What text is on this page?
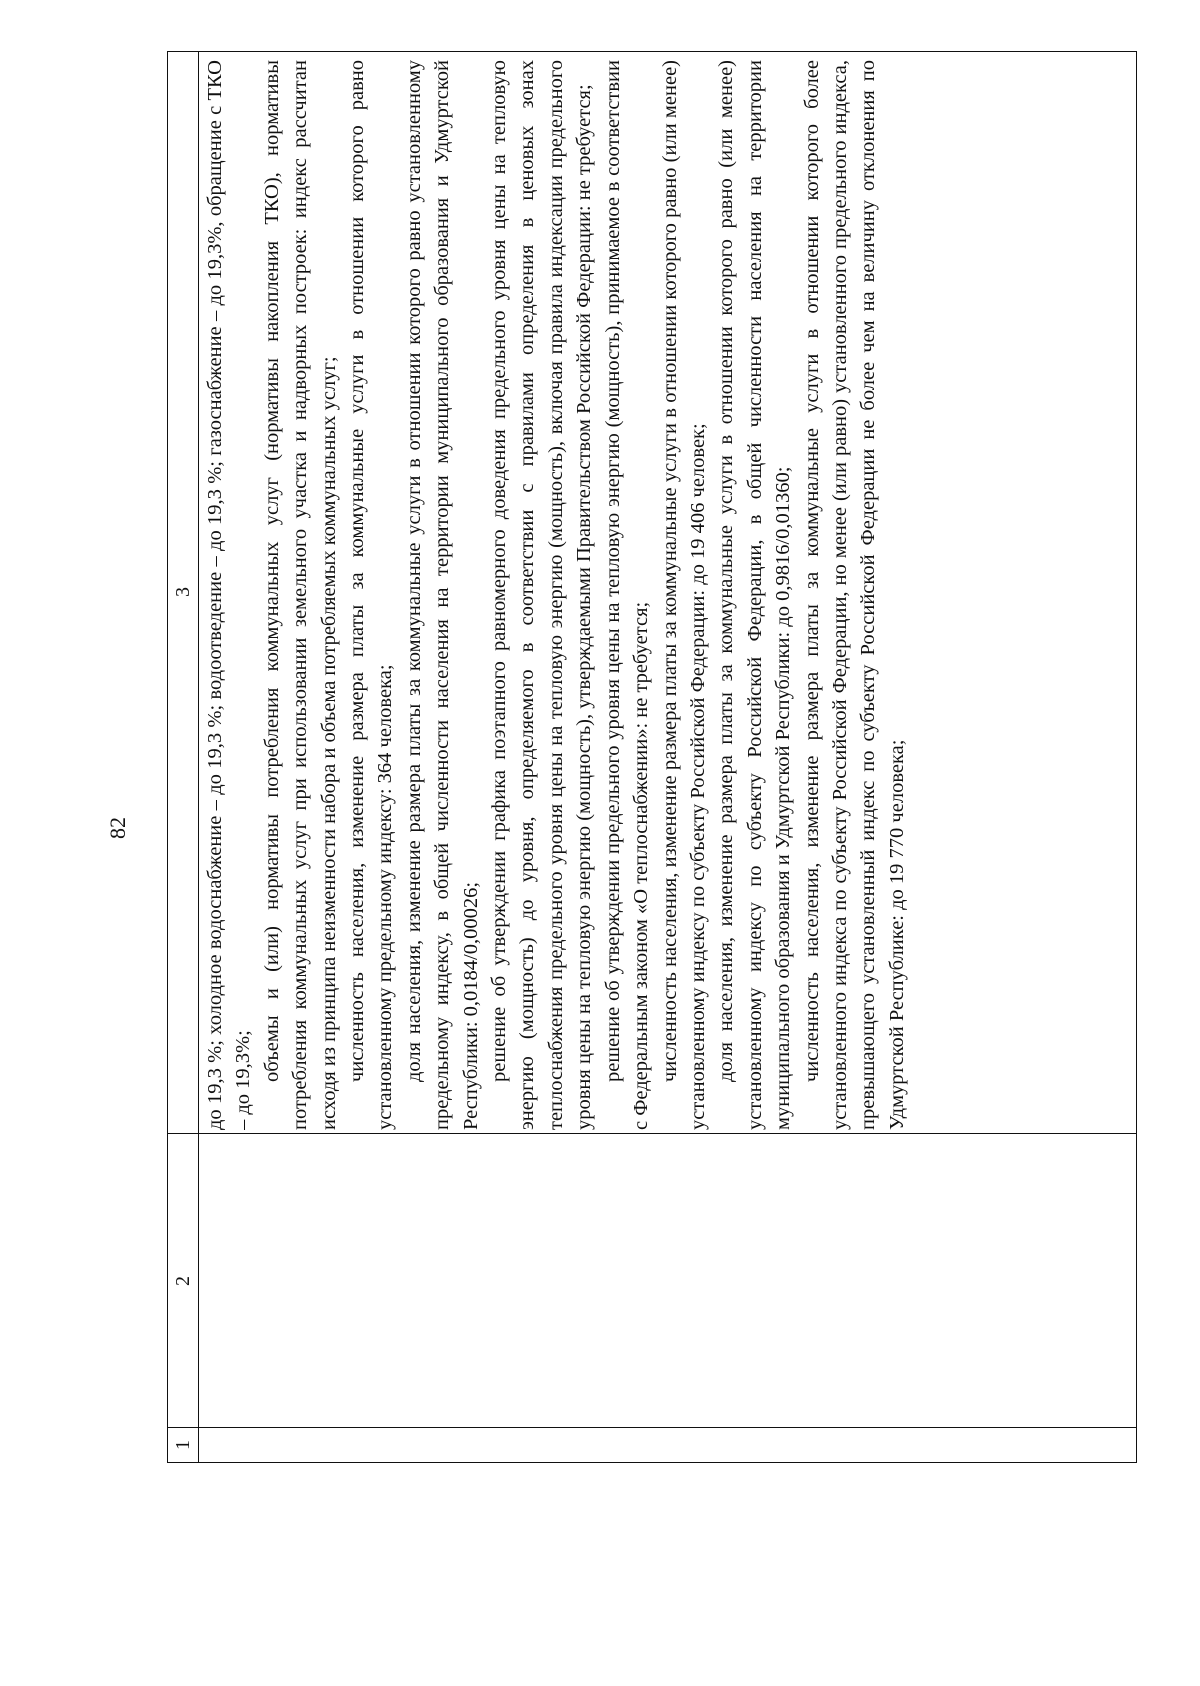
82
1
2
3 до 19,3 %; холодное водоснабжение – до 19,3 %; водоотведение – до 19,3 %; газоснабжение – до 19,3%, обращение с ТКО – до 19,3%; объемы и (или) нормативы потребления коммунальных услуг (нормативы накопления ТКО), нормативы потребления коммунальных услуг при использовании земельного участка и надворных построек: индекс рассчитан исходя из принципа неизменности набора и объема потребляемых коммунальных услуг; численность населения, изменение размера платы за коммунальные услуги в отношении которого равно установленному предельному индексу: 364 человека; доля населения, изменение размера платы за коммунальные услуги в отношении которого равно установленному предельному индексу, в общей численности населения на территории муниципального образования и Удмуртской Республики: 0,0184/0,00026; решение об утверждении графика поэтапного равномерного доведения предельного уровня цены на тепловую энергию (мощность) до уровня, определяемого в соответствии с правилами определения в ценовых зонах теплоснабжения предельного уровня цены на тепловую энергию (мощность), включая правила индексации предельного уровня цены на тепловую энергию (мощность), утверждаемыми Правительством Российской Федерации: не требуется; решение об утверждении предельного уровня цены на тепловую энергию (мощность), принимаемое в соответствии с Федеральным законом «О теплоснабжении»: не требуется; численность населения, изменение размера платы за коммунальные услуги в отношении которого равно (или менее) установленному индексу по субъекту Российской Федерации: до 19 406 человек; доля населения, изменение размера платы за коммунальные услуги в отношении которого равно (или менее) установленному индексу по субъекту Российской Федерации, в общей численности населения на территории муниципального образования и Удмуртской Республики: до 0,9816/0,01360; численность населения, изменение размера платы за коммунальные услуги в отношении которого более установленного индекса по субъекту Российской Федерации, но менее (или равно) установленного предельного индекса, превышающего установленный индекс по субъекту Российской Федерации не более чем на величину отклонения по Удмуртской Республике: до 19 770 человека;
